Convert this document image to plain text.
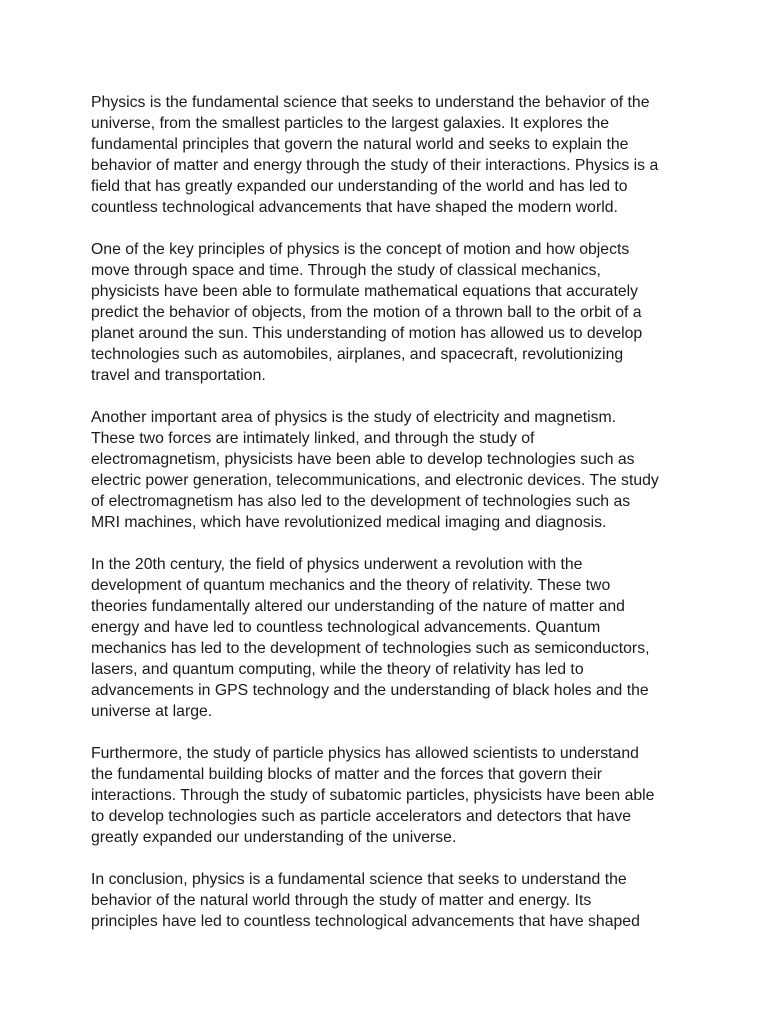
Physics is the fundamental science that seeks to understand the behavior of the
universe, from the smallest particles to the largest galaxies. It explores the
fundamental principles that govern the natural world and seeks to explain the
behavior of matter and energy through the study of their interactions. Physics is a
field that has greatly expanded our understanding of the world and has led to
countless technological advancements that have shaped the modern world.

One of the key principles of physics is the concept of motion and how objects
move through space and time. Through the study of classical mechanics,
physicists have been able to formulate mathematical equations that accurately
predict the behavior of objects, from the motion of a thrown ball to the orbit of a
planet around the sun. This understanding of motion has allowed us to develop
technologies such as automobiles, airplanes, and spacecraft, revolutionizing
travel and transportation.

Another important area of physics is the study of electricity and magnetism.
These two forces are intimately linked, and through the study of
electromagnetism, physicists have been able to develop technologies such as
electric power generation, telecommunications, and electronic devices. The study
of electromagnetism has also led to the development of technologies such as
MRI machines, which have revolutionized medical imaging and diagnosis.

In the 20th century, the field of physics underwent a revolution with the
development of quantum mechanics and the theory of relativity. These two
theories fundamentally altered our understanding of the nature of matter and
energy and have led to countless technological advancements. Quantum
mechanics has led to the development of technologies such as semiconductors,
lasers, and quantum computing, while the theory of relativity has led to
advancements in GPS technology and the understanding of black holes and the
universe at large.

Furthermore, the study of particle physics has allowed scientists to understand
the fundamental building blocks of matter and the forces that govern their
interactions. Through the study of subatomic particles, physicists have been able
to develop technologies such as particle accelerators and detectors that have
greatly expanded our understanding of the universe.

In conclusion, physics is a fundamental science that seeks to understand the
behavior of the natural world through the study of matter and energy. Its
principles have led to countless technological advancements that have shaped
